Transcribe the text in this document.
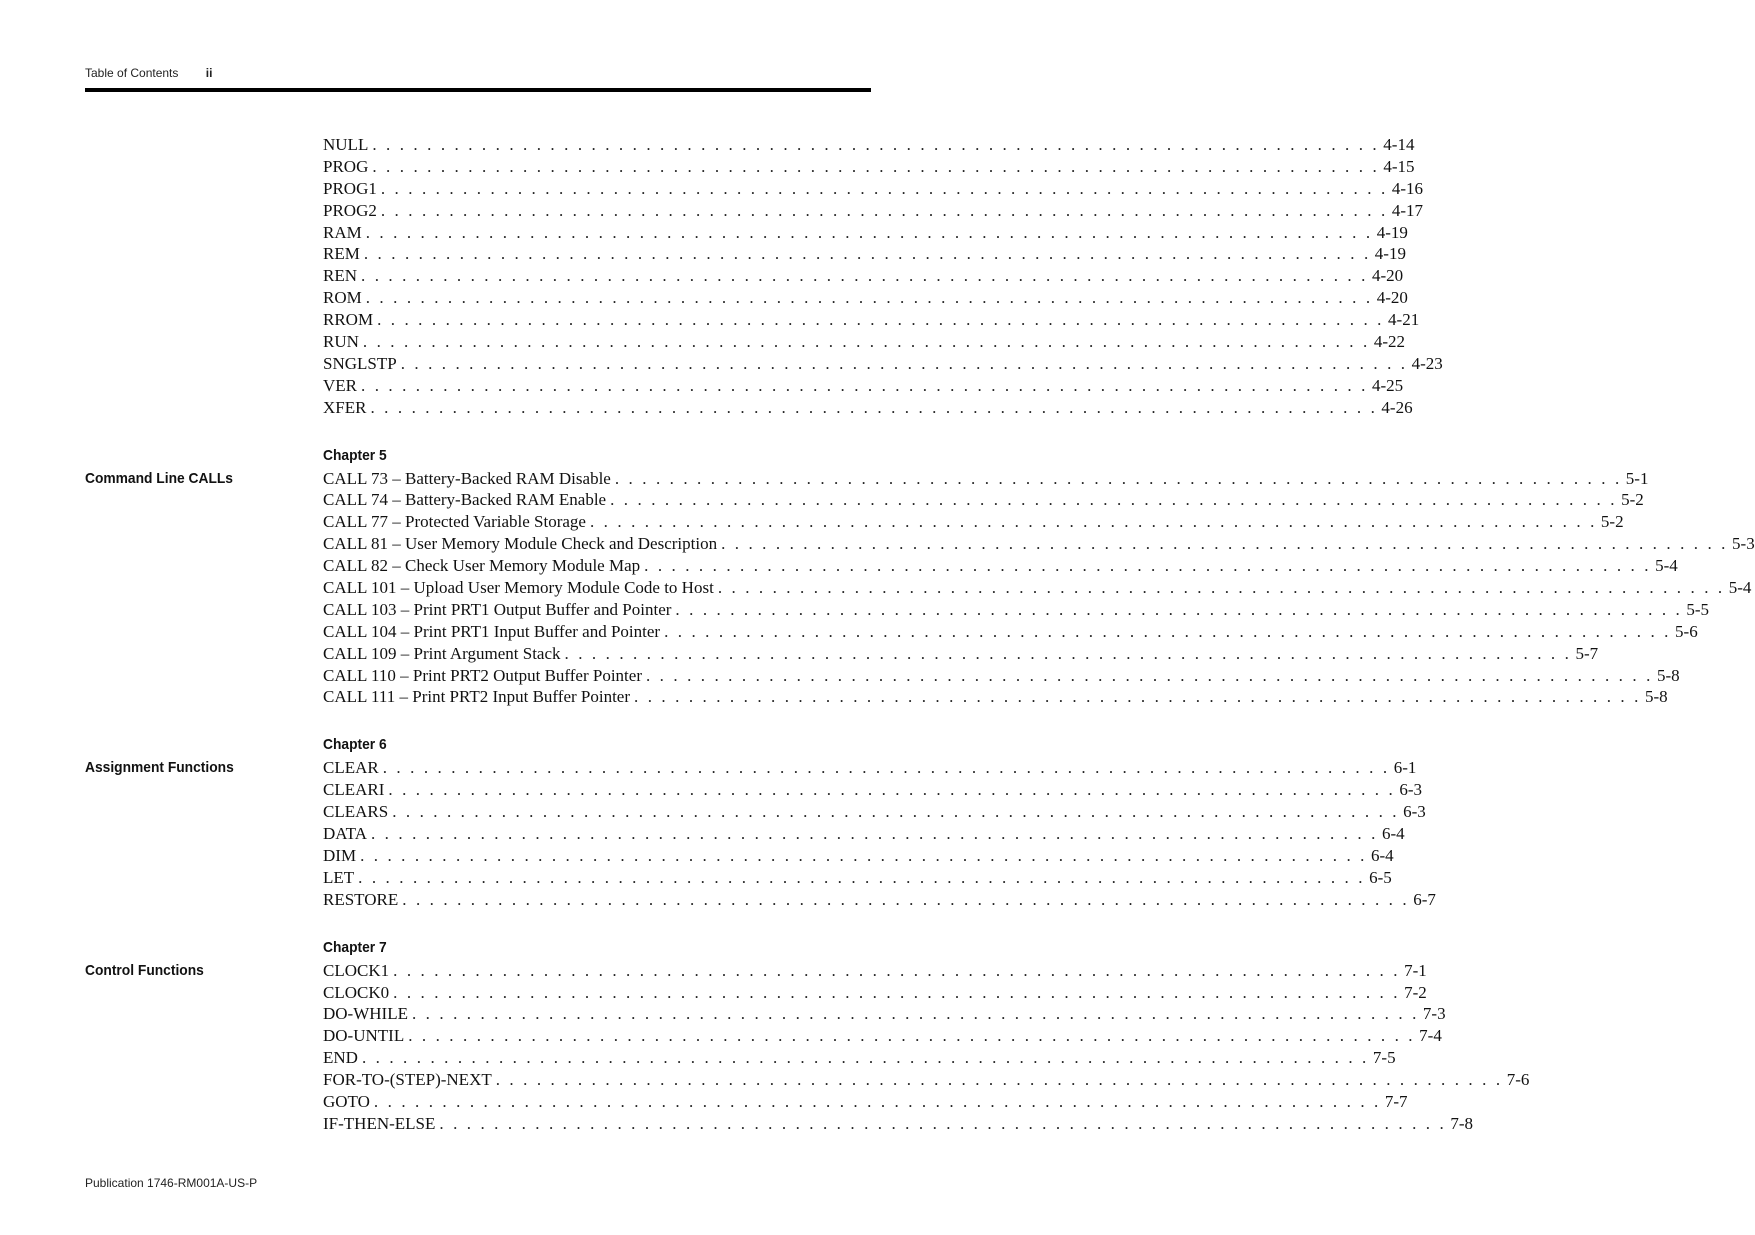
Table of Contents ii
NULL . . . . . . . . . . . . . . . . . . . . . . . . . . . . . . . . . . . . . . . . . . . . . . . . . . . . . . . . . . . . . . . . . . . . . . . . . . 4-14
PROG . . . . . . . . . . . . . . . . . . . . . . . . . . . . . . . . . . . . . . . . . . . . . . . . . . . . . . . . . . . . . . . . . . . . . . . . . . 4-15
PROG1 . . . . . . . . . . . . . . . . . . . . . . . . . . . . . . . . . . . . . . . . . . . . . . . . . . . . . . . . . . . . . . . . . . . . . . . . . . 4-16
PROG2 . . . . . . . . . . . . . . . . . . . . . . . . . . . . . . . . . . . . . . . . . . . . . . . . . . . . . . . . . . . . . . . . . . . . . . . . . . 4-17
RAM . . . . . . . . . . . . . . . . . . . . . . . . . . . . . . . . . . . . . . . . . . . . . . . . . . . . . . . . . . . . . . . . . . . . . . . . . . 4-19
REM . . . . . . . . . . . . . . . . . . . . . . . . . . . . . . . . . . . . . . . . . . . . . . . . . . . . . . . . . . . . . . . . . . . . . . . . . . 4-19
REN . . . . . . . . . . . . . . . . . . . . . . . . . . . . . . . . . . . . . . . . . . . . . . . . . . . . . . . . . . . . . . . . . . . . . . . . . . 4-20
ROM . . . . . . . . . . . . . . . . . . . . . . . . . . . . . . . . . . . . . . . . . . . . . . . . . . . . . . . . . . . . . . . . . . . . . . . . . . 4-20
RROM . . . . . . . . . . . . . . . . . . . . . . . . . . . . . . . . . . . . . . . . . . . . . . . . . . . . . . . . . . . . . . . . . . . . . . . . . . 4-21
RUN . . . . . . . . . . . . . . . . . . . . . . . . . . . . . . . . . . . . . . . . . . . . . . . . . . . . . . . . . . . . . . . . . . . . . . . . . . 4-22
SNGLSTP . . . . . . . . . . . . . . . . . . . . . . . . . . . . . . . . . . . . . . . . . . . . . . . . . . . . . . . . . . . . . . . . . . . . . . . . . . 4-23
VER . . . . . . . . . . . . . . . . . . . . . . . . . . . . . . . . . . . . . . . . . . . . . . . . . . . . . . . . . . . . . . . . . . . . . . . . . . 4-25
XFER . . . . . . . . . . . . . . . . . . . . . . . . . . . . . . . . . . . . . . . . . . . . . . . . . . . . . . . . . . . . . . . . . . . . . . . . . . 4-26
Chapter 5
Command Line CALLs	CALL 73 – Battery-Backed RAM Disable . . . . . . . . . . . . . . . . . . . . . . . . . . . . . . . . . . . . . . . . . . . . . . . . . . . . . . . . . . . . . . . . . . . . . . . . . . 5-1
CALL 74 – Battery-Backed RAM Enable . . . . . . . . . . . . . . . . . . . . . . . . . . . . . . . . . . . . . . . . . . . . . . . . . . . . . . . . . . . . . . . . . . . . . . . . . . 5-2
CALL 77 – Protected Variable Storage . . . . . . . . . . . . . . . . . . . . . . . . . . . . . . . . . . . . . . . . . . . . . . . . . . . . . . . . . . . . . . . . . . . . . . . . . . 5-2
CALL 81 – User Memory Module Check and Description . . . . . . . . . . . . . . . . . . . . . . . . . . . . . . . . . . . . . . . . . . . . . . . . . . . . . . . . . . . . . . . . . . . . . . . . . . 5-3
CALL 82 – Check User Memory Module Map . . . . . . . . . . . . . . . . . . . . . . . . . . . . . . . . . . . . . . . . . . . . . . . . . . . . . . . . . . . . . . . . . . . . . . . . . . 5-4
CALL 101 – Upload User Memory Module Code to Host . . . . . . . . . . . . . . . . . . . . . . . . . . . . . . . . . . . . . . . . . . . . . . . . . . . . . . . . . . . . . . . . . . . . . . . . . . 5-4
CALL 103 – Print PRT1 Output Buffer and Pointer . . . . . . . . . . . . . . . . . . . . . . . . . . . . . . . . . . . . . . . . . . . . . . . . . . . . . . . . . . . . . . . . . . . . . . . . . . 5-5
CALL 104 – Print PRT1 Input Buffer and Pointer . . . . . . . . . . . . . . . . . . . . . . . . . . . . . . . . . . . . . . . . . . . . . . . . . . . . . . . . . . . . . . . . . . . . . . . . . . 5-6
CALL 109 – Print Argument Stack . . . . . . . . . . . . . . . . . . . . . . . . . . . . . . . . . . . . . . . . . . . . . . . . . . . . . . . . . . . . . . . . . . . . . . . . . . 5-7
CALL 110 – Print PRT2 Output Buffer Pointer . . . . . . . . . . . . . . . . . . . . . . . . . . . . . . . . . . . . . . . . . . . . . . . . . . . . . . . . . . . . . . . . . . . . . . . . . . 5-8
CALL 111 – Print PRT2 Input Buffer Pointer . . . . . . . . . . . . . . . . . . . . . . . . . . . . . . . . . . . . . . . . . . . . . . . . . . . . . . . . . . . . . . . . . . . . . . . . . . 5-8
Chapter 6
Assignment Functions	CLEAR . . . . . . . . . . . . . . . . . . . . . . . . . . . . . . . . . . . . . . . . . . . . . . . . . . . . . . . . . . . . . . . . . . . . . . . . . . 6-1
CLEARI . . . . . . . . . . . . . . . . . . . . . . . . . . . . . . . . . . . . . . . . . . . . . . . . . . . . . . . . . . . . . . . . . . . . . . . . . . 6-3
CLEARS . . . . . . . . . . . . . . . . . . . . . . . . . . . . . . . . . . . . . . . . . . . . . . . . . . . . . . . . . . . . . . . . . . . . . . . . . . 6-3
DATA . . . . . . . . . . . . . . . . . . . . . . . . . . . . . . . . . . . . . . . . . . . . . . . . . . . . . . . . . . . . . . . . . . . . . . . . . . 6-4
DIM . . . . . . . . . . . . . . . . . . . . . . . . . . . . . . . . . . . . . . . . . . . . . . . . . . . . . . . . . . . . . . . . . . . . . . . . . . 6-4
LET . . . . . . . . . . . . . . . . . . . . . . . . . . . . . . . . . . . . . . . . . . . . . . . . . . . . . . . . . . . . . . . . . . . . . . . . . . 6-5
RESTORE . . . . . . . . . . . . . . . . . . . . . . . . . . . . . . . . . . . . . . . . . . . . . . . . . . . . . . . . . . . . . . . . . . . . . . . . . . 6-7
Chapter 7
Control Functions	CLOCK1 . . . . . . . . . . . . . . . . . . . . . . . . . . . . . . . . . . . . . . . . . . . . . . . . . . . . . . . . . . . . . . . . . . . . . . . . . . 7-1
CLOCK0 . . . . . . . . . . . . . . . . . . . . . . . . . . . . . . . . . . . . . . . . . . . . . . . . . . . . . . . . . . . . . . . . . . . . . . . . . . 7-2
DO-WHILE . . . . . . . . . . . . . . . . . . . . . . . . . . . . . . . . . . . . . . . . . . . . . . . . . . . . . . . . . . . . . . . . . . . . . . . . . . 7-3
DO-UNTIL . . . . . . . . . . . . . . . . . . . . . . . . . . . . . . . . . . . . . . . . . . . . . . . . . . . . . . . . . . . . . . . . . . . . . . . . . . 7-4
END . . . . . . . . . . . . . . . . . . . . . . . . . . . . . . . . . . . . . . . . . . . . . . . . . . . . . . . . . . . . . . . . . . . . . . . . . . 7-5
FOR-TO-(STEP)-NEXT . . . . . . . . . . . . . . . . . . . . . . . . . . . . . . . . . . . . . . . . . . . . . . . . . . . . . . . . . . . . . . . . . . . . . . . . . . 7-6
GOTO . . . . . . . . . . . . . . . . . . . . . . . . . . . . . . . . . . . . . . . . . . . . . . . . . . . . . . . . . . . . . . . . . . . . . . . . . . 7-7
IF-THEN-ELSE . . . . . . . . . . . . . . . . . . . . . . . . . . . . . . . . . . . . . . . . . . . . . . . . . . . . . . . . . . . . . . . . . . . . . . . . . . 7-8
Publication 1746-RM001A-US-P
